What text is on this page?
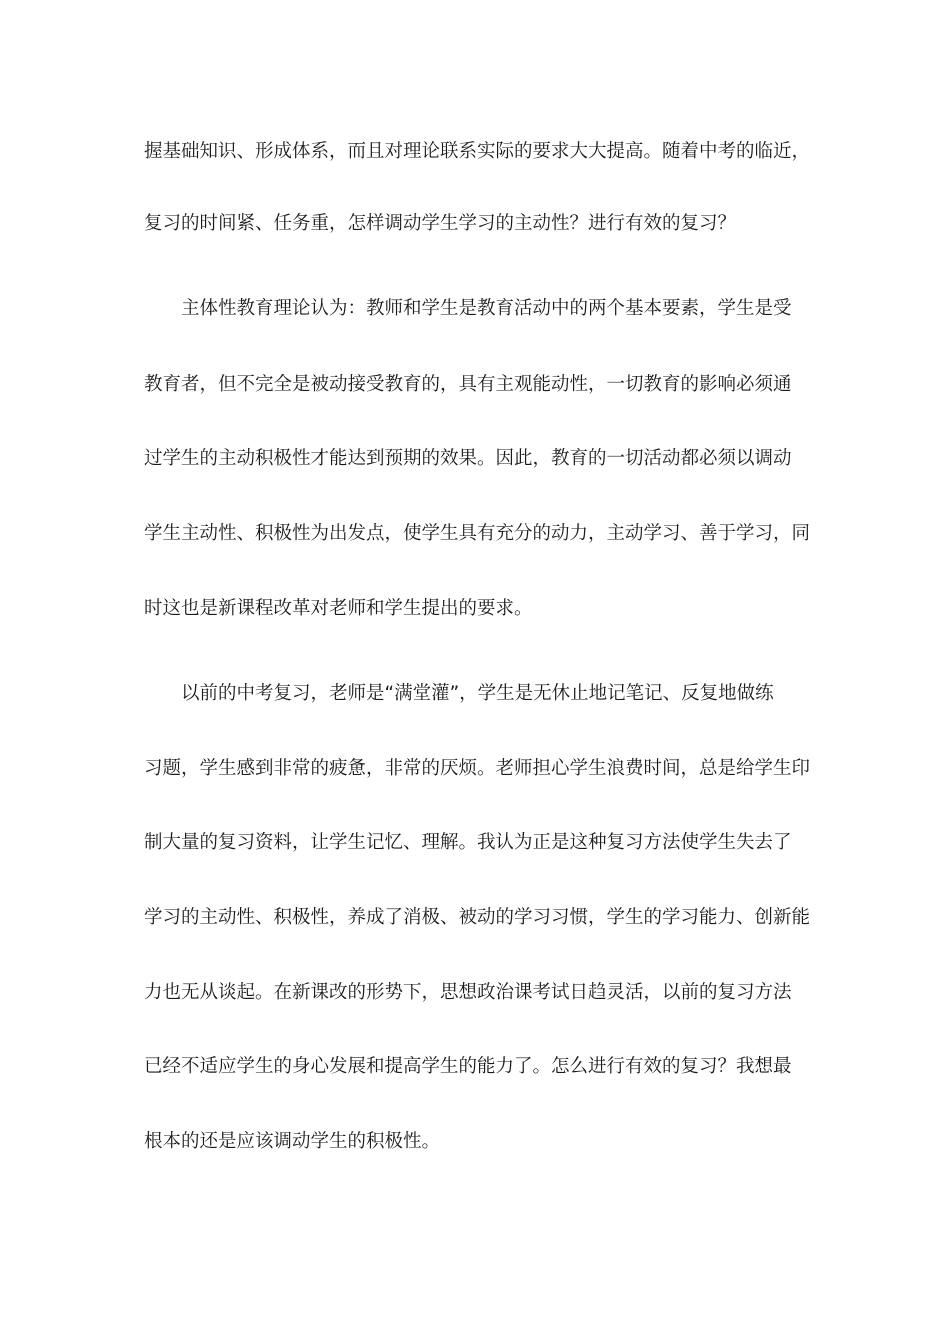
握基础知识、形成体系，而且对理论联系实际的要求大大提高。随着中考的临近，
复习的时间紧、任务重，怎样调动学生学习的主动性？进行有效的复习？
　　主体性教育理论认为：教师和学生是教育活动中的两个基本要素，学生是受
教育者，但不完全是被动接受教育的，具有主观能动性，一切教育的影响必须通
过学生的主动积极性才能达到预期的效果。因此，教育的一切活动都必须以调动
学生主动性、积极性为出发点，使学生具有充分的动力，主动学习、善于学习，同
时这也是新课程改革对老师和学生提出的要求。
　　以前的中考复习，老师是“满堂灌”，学生是无休止地记笔记、反复地做练
习题，学生感到非常的疲惫，非常的厌烦。老师担心学生浪费时间，总是给学生印
制大量的复习资料，让学生记忆、理解。我认为正是这种复习方法使学生失去了
学习的主动性、积极性，养成了消极、被动的学习习惯，学生的学习能力、创新能
力也无从谈起。在新课改的形势下，思想政治课考试日趋灵活，以前的复习方法
已经不适应学生的身心发展和提高学生的能力了。怎么进行有效的复习？我想最
根本的还是应该调动学生的积极性。
